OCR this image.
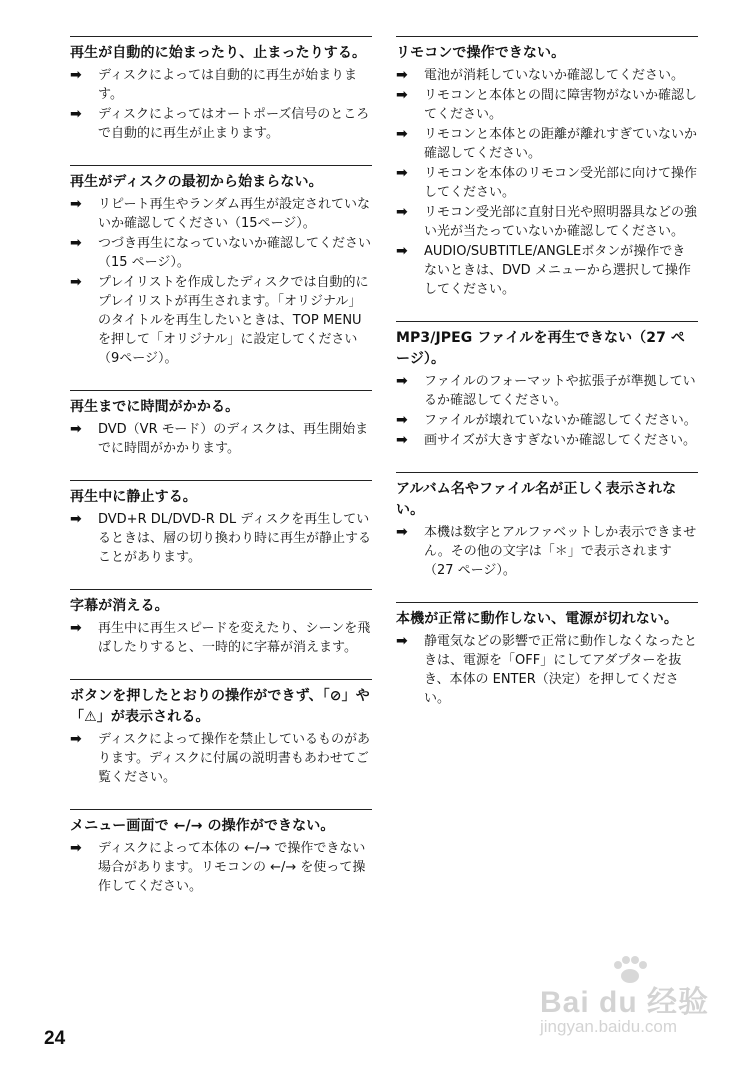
再生が自動的に始まったり、止まったりする。
➡	ディスクによっては自動的に再生が始まります。
➡	ディスクによってはオートポーズ信号のところで自動的に再生が止まります。
再生がディスクの最初から始まらない。
➡	リピート再生やランダム再生が設定されていないか確認してください（15ページ）。
➡	つづき再生になっていないか確認してください（15 ページ）。
➡	プレイリストを作成したディスクでは自動的にプレイリストが再生されます。「オリジナル」のタイトルを再生したいときは、TOP MENU を押して「オリジナル」に設定してください（9ページ）。
再生までに時間がかかる。
➡	DVD（VR モード）のディスクは、再生開始までに時間がかかります。
再生中に静止する。
➡	DVD+R DL/DVD-R DL ディスクを再生しているときは、層の切り換わり時に再生が静止することがあります。
字幕が消える。
➡	再生中に再生スピードを変えたり、シーンを飛ばしたりすると、一時的に字幕が消えます。
ボタンを押したとおりの操作ができず、「⊘」や「⚠」が表示される。
➡	ディスクによって操作を禁止しているものがあります。ディスクに付属の説明書もあわせてご覧ください。
メニュー画面で ←/→ の操作ができない。
➡	ディスクによって本体の ←/→ で操作できない場合があります。リモコンの ←/→ を使って操作してください。
リモコンで操作できない。
➡	電池が消耗していないか確認してください。
➡	リモコンと本体との間に障害物がないか確認してください。
➡	リモコンと本体との距離が離れすぎていないか確認してください。
➡	リモコンを本体のリモコン受光部に向けて操作してください。
➡	リモコン受光部に直射日光や照明器具などの強い光が当たっていないか確認してください。
➡	AUDIO/SUBTITLE/ANGLEボタンが操作できないときは、DVD メニューから選択して操作してください。
MP3/JPEG ファイルを再生できない（27 ページ）。
➡	ファイルのフォーマットや拡張子が準拠しているか確認してください。
➡	ファイルが壊れていないか確認してください。
➡	画サイズが大きすぎないか確認してください。
アルバム名やファイル名が正しく表示されない。
➡	本機は数字とアルファベットしか表示できません。その他の文字は「＊」で表示されます（27 ページ）。
本機が正常に動作しない、電源が切れない。
➡	静電気などの影響で正常に動作しなくなったときは、電源を「OFF」にしてアダプターを抜き、本体の ENTER（決定）を押してください。
24
Bai du 经验
jingyan.baidu.com
